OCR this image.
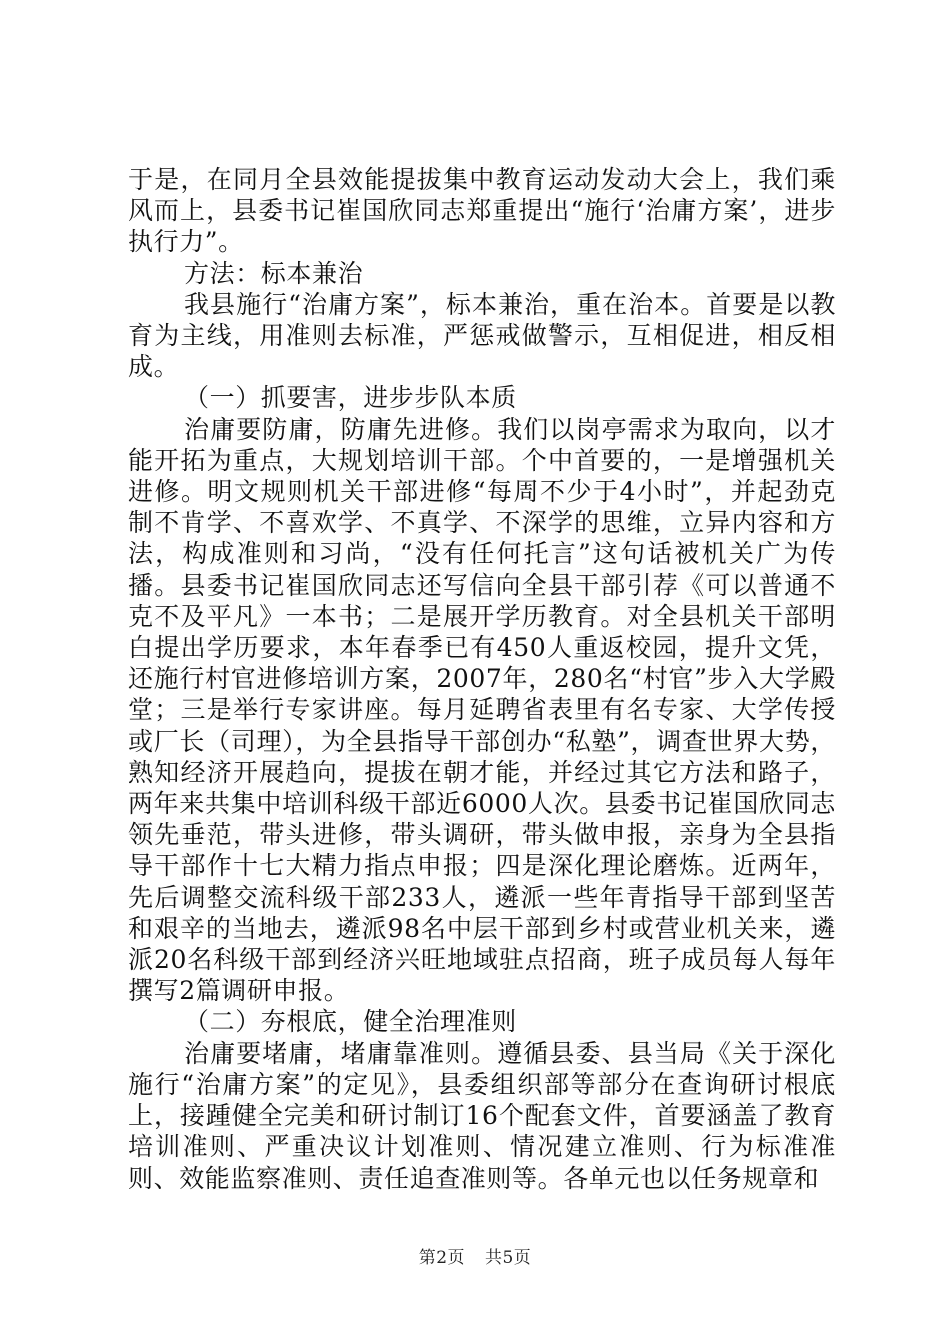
于是，在同月全县效能提拔集中教育运动发动大会上，我们乘风而上，县委书记崔国欣同志郑重提出“施行‘治庸方案’，进步执行力”。

方法：标本兼治

我县施行“治庸方案”，标本兼治，重在治本。首要是以教育为主线，用准则去标准，严惩戒做警示，互相促进，相反相成。

（一）抓要害，进步步队本质

治庸要防庸，防庸先进修。我们以岗亭需求为取向，以才能开拓为重点，大规划培训干部。个中首要的，一是增强机关进修。明文规则机关干部进修“每周不少于4小时”，并起劲克制不肯学、不喜欢学、不真学、不深学的思维，立异内容和方法，构成准则和习尚，“没有任何托言”这句话被机关广为传播。县委书记崔国欣同志还写信向全县干部引荐《可以普通不克不及平凡》一本书；二是展开学历教育。对全县机关干部明白提出学历要求，本年春季已有450人重返校园，提升文凭，还施行村官进修培训方案，2007年，280名“村官”步入大学殿堂；三是举行专家讲座。每月延聘省表里有名专家、大学传授或厂长（司理），为全县指导干部创办“私塾”，调查世界大势，熟知经济开展趋向，提拔在朝才能，并经过其它方法和路子，两年来共集中培训科级干部近6000人次。县委书记崔国欣同志领先垂范，带头进修，带头调研，带头做申报，亲身为全县指导干部作十七大精力指点申报；四是深化理论磨炼。近两年，先后调整交流科级干部233人，遴派一些年青指导干部到坚苦和艰辛的当地去，遴派98名中层干部到乡村或营业机关来，遴派20名科级干部到经济兴旺地域驻点招商，班子成员每人每年撰写2篇调研申报。

（二）夯根底，健全治理准则

治庸要堵庸，堵庸靠准则。遵循县委、县当局《关于深化施行“治庸方案”的定见》，县委组织部等部分在查询研讨根底上，接踵健全完美和研讨制订16个配套文件，首要涵盖了教育培训准则、严重决议计划准则、情况建立准则、行为标准准则、效能监察准则、责任追查准则等。各单元也以任务规章和

第2页 共5页
